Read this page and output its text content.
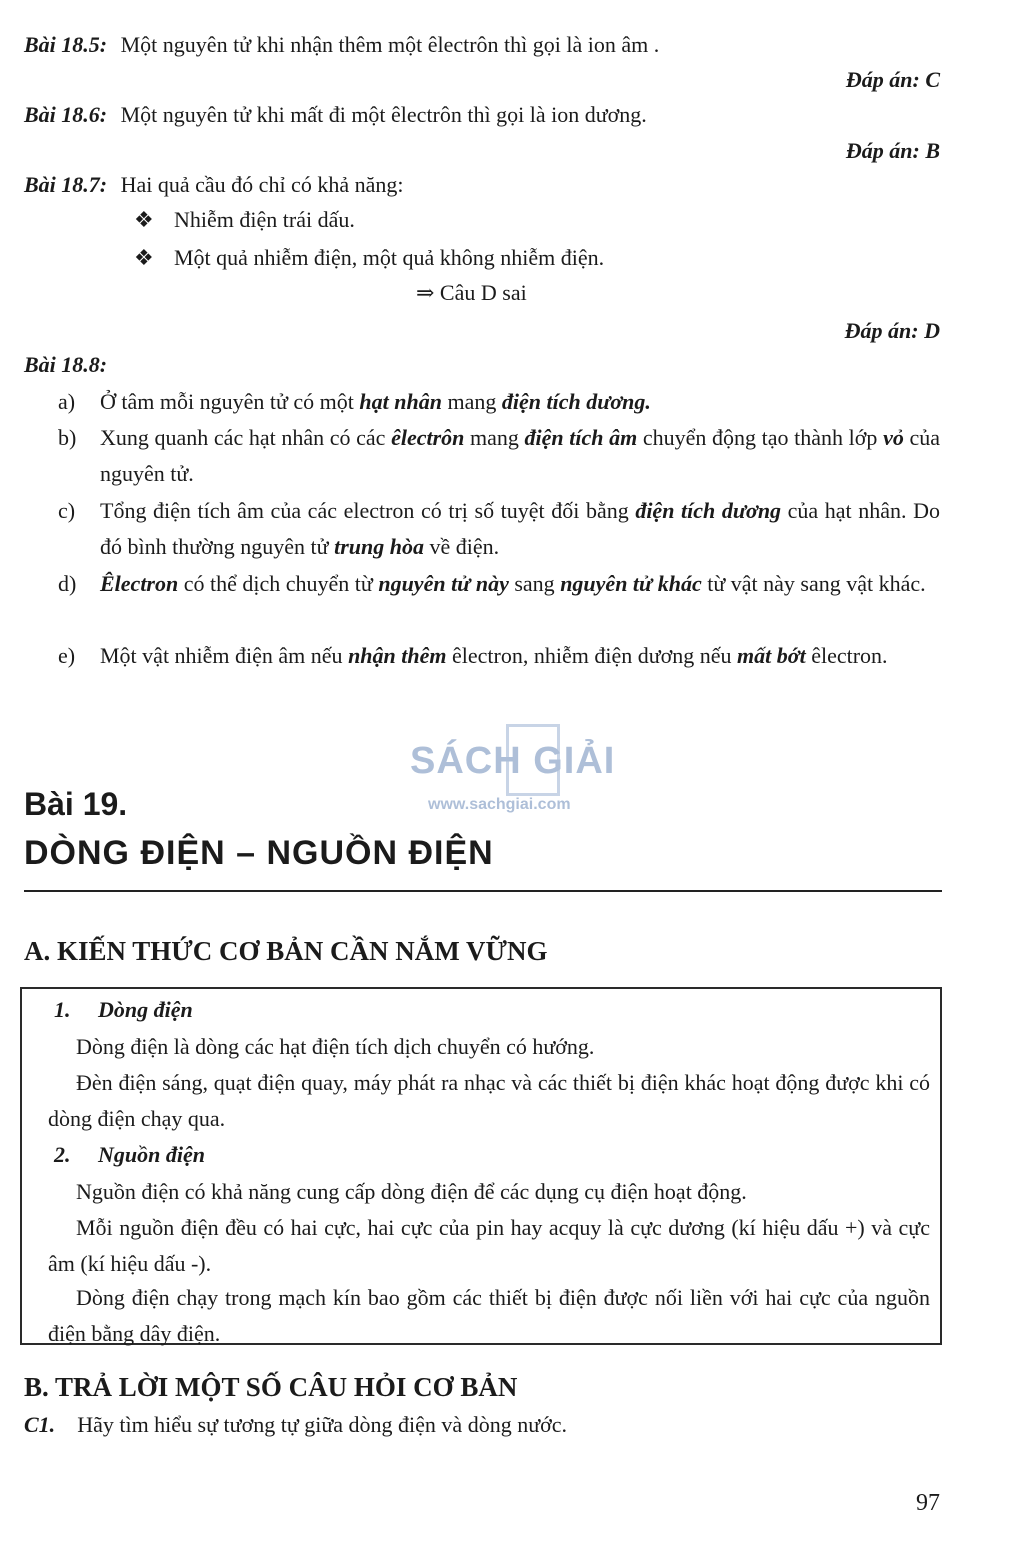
Bài 18.5: Một nguyên tử khi nhận thêm một êlectrôn thì gọi là ion âm .
Đáp án: C
Bài 18.6: Một nguyên tử khi mất đi một êlectrôn thì gọi là ion dương.
Đáp án: B
Bài 18.7: Hai quả cầu đó chỉ có khả năng:
❖ Nhiễm điện trái dấu.
❖ Một quả nhiễm điện, một quả không nhiễm điện.
⇒ Câu D sai
Đáp án: D
Bài 18.8:
a) Ở tâm mỗi nguyên tử có một hạt nhân mang điện tích dương.
b) Xung quanh các hạt nhân có các êlectrôn mang điện tích âm chuyển động tạo thành lớp vỏ của nguyên tử.
c) Tổng điện tích âm của các electron có trị số tuyệt đối bằng điện tích dương của hạt nhân. Do đó bình thường nguyên tử trung hòa về điện.
d) Êlectron có thể dịch chuyển từ nguyên tử này sang nguyên tử khác từ vật này sang vật khác.
e) Một vật nhiễm điện âm nếu nhận thêm êlectron, nhiễm điện dương nếu mất bớt êlectron.
SÁCH GIẢI
www.sachgiai.com
Bài 19.
DÒNG ĐIỆN – NGUỒN ĐIỆN
A. KIẾN THỨC CƠ BẢN CẦN NẮM VỮNG
1. Dòng điện
Dòng điện là dòng các hạt điện tích dịch chuyển có hướng.
Đèn điện sáng, quạt điện quay, máy phát ra nhạc và các thiết bị điện khác hoạt động được khi có dòng điện chạy qua.
2. Nguồn điện
Nguồn điện có khả năng cung cấp dòng điện để các dụng cụ điện hoạt động.
Mỗi nguồn điện đều có hai cực, hai cực của pin hay acquy là cực dương (kí hiệu dấu +) và cực âm (kí hiệu dấu -).
Dòng điện chạy trong mạch kín bao gồm các thiết bị điện được nối liền với hai cực của nguồn điện bằng dây điện.
B. TRẢ LỜI MỘT SỐ CÂU HỎI CƠ BẢN
C1. Hãy tìm hiểu sự tương tự giữa dòng điện và dòng nước.
97
